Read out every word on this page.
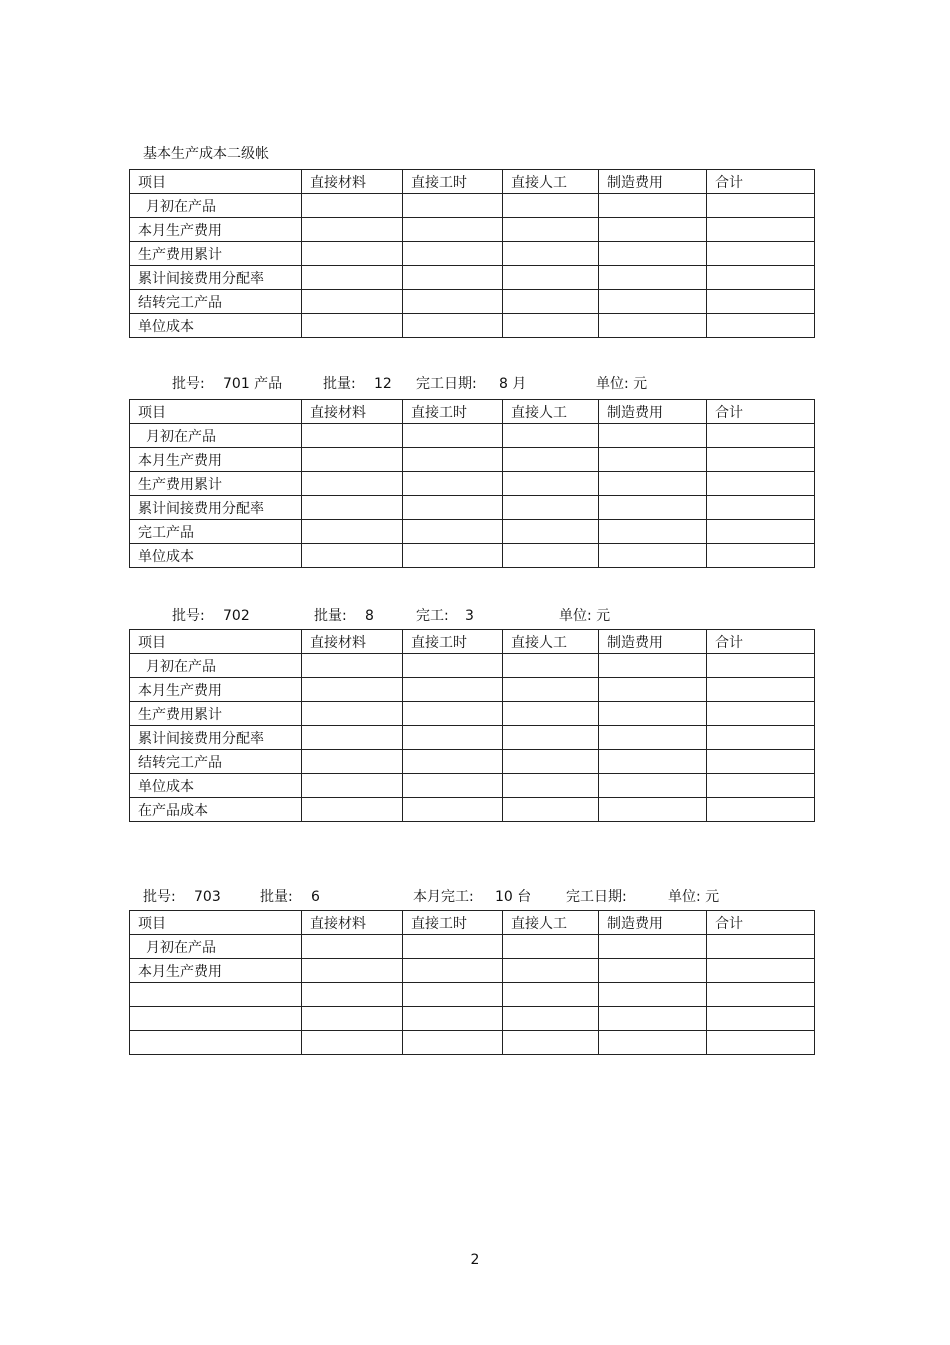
基本生产成本二级帐
项目	直接材料	直接工时	直接人工	制造费用	合计
月初在产品					
本月生产费用					
生产费用累计					
累计间接费用分配率					
结转完工产品					
单位成本					
批号: 701 产品	批量: 12 完工日期: 8 月	单位: 元
项目	直接材料	直接工时	直接人工	制造费用	合计
月初在产品					
本月生产费用					
生产费用累计					
累计间接费用分配率					
完工产品					
单位成本					
批号: 702	批量: 8	完工: 3	单位: 元
项目	直接材料	直接工时	直接人工	制造费用	合计
月初在产品					
本月生产费用					
生产费用累计					
累计间接费用分配率					
结转完工产品					
单位成本					
在产品成本					
批号: 703	批量: 6	本月完工: 10 台 完工日期:	单位: 元
项目	直接材料	直接工时	直接人工	制造费用	合计
月初在产品					
本月生产费用					

2
